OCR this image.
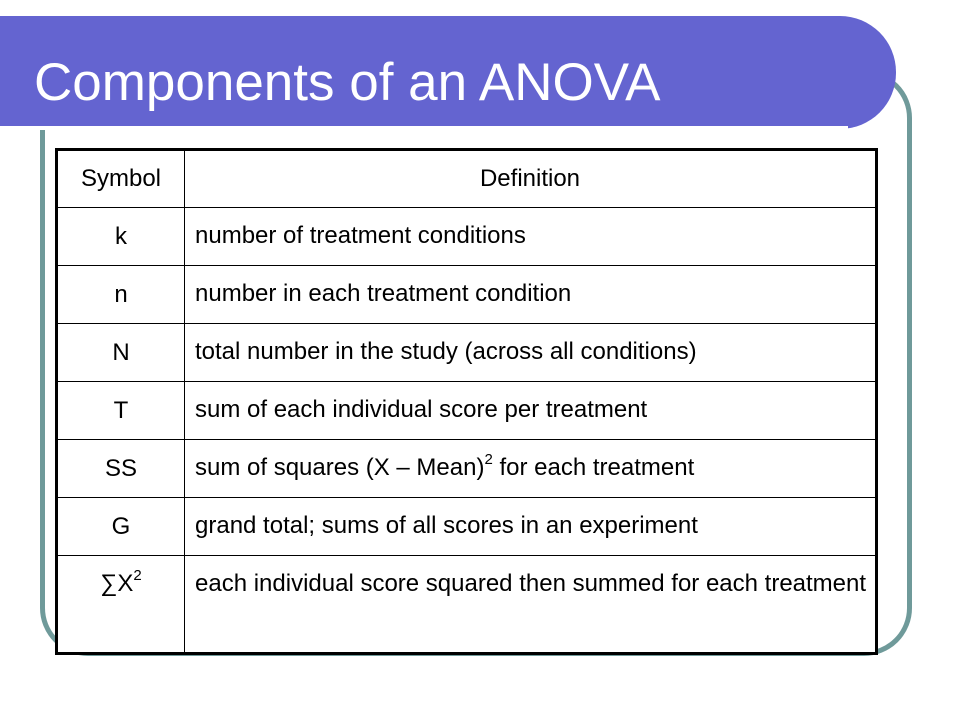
Components of an ANOVA
Symbol	Definition
k	number of treatment conditions
n	number in each treatment condition
N	total number in the study (across all conditions)
T	sum of each individual score per treatment
SS	sum of squares (X – Mean)$^2$ for each treatment
G	grand total; sums of all scores in an experiment
$\sum X^2$	each individual score squared then summed for each treatment
